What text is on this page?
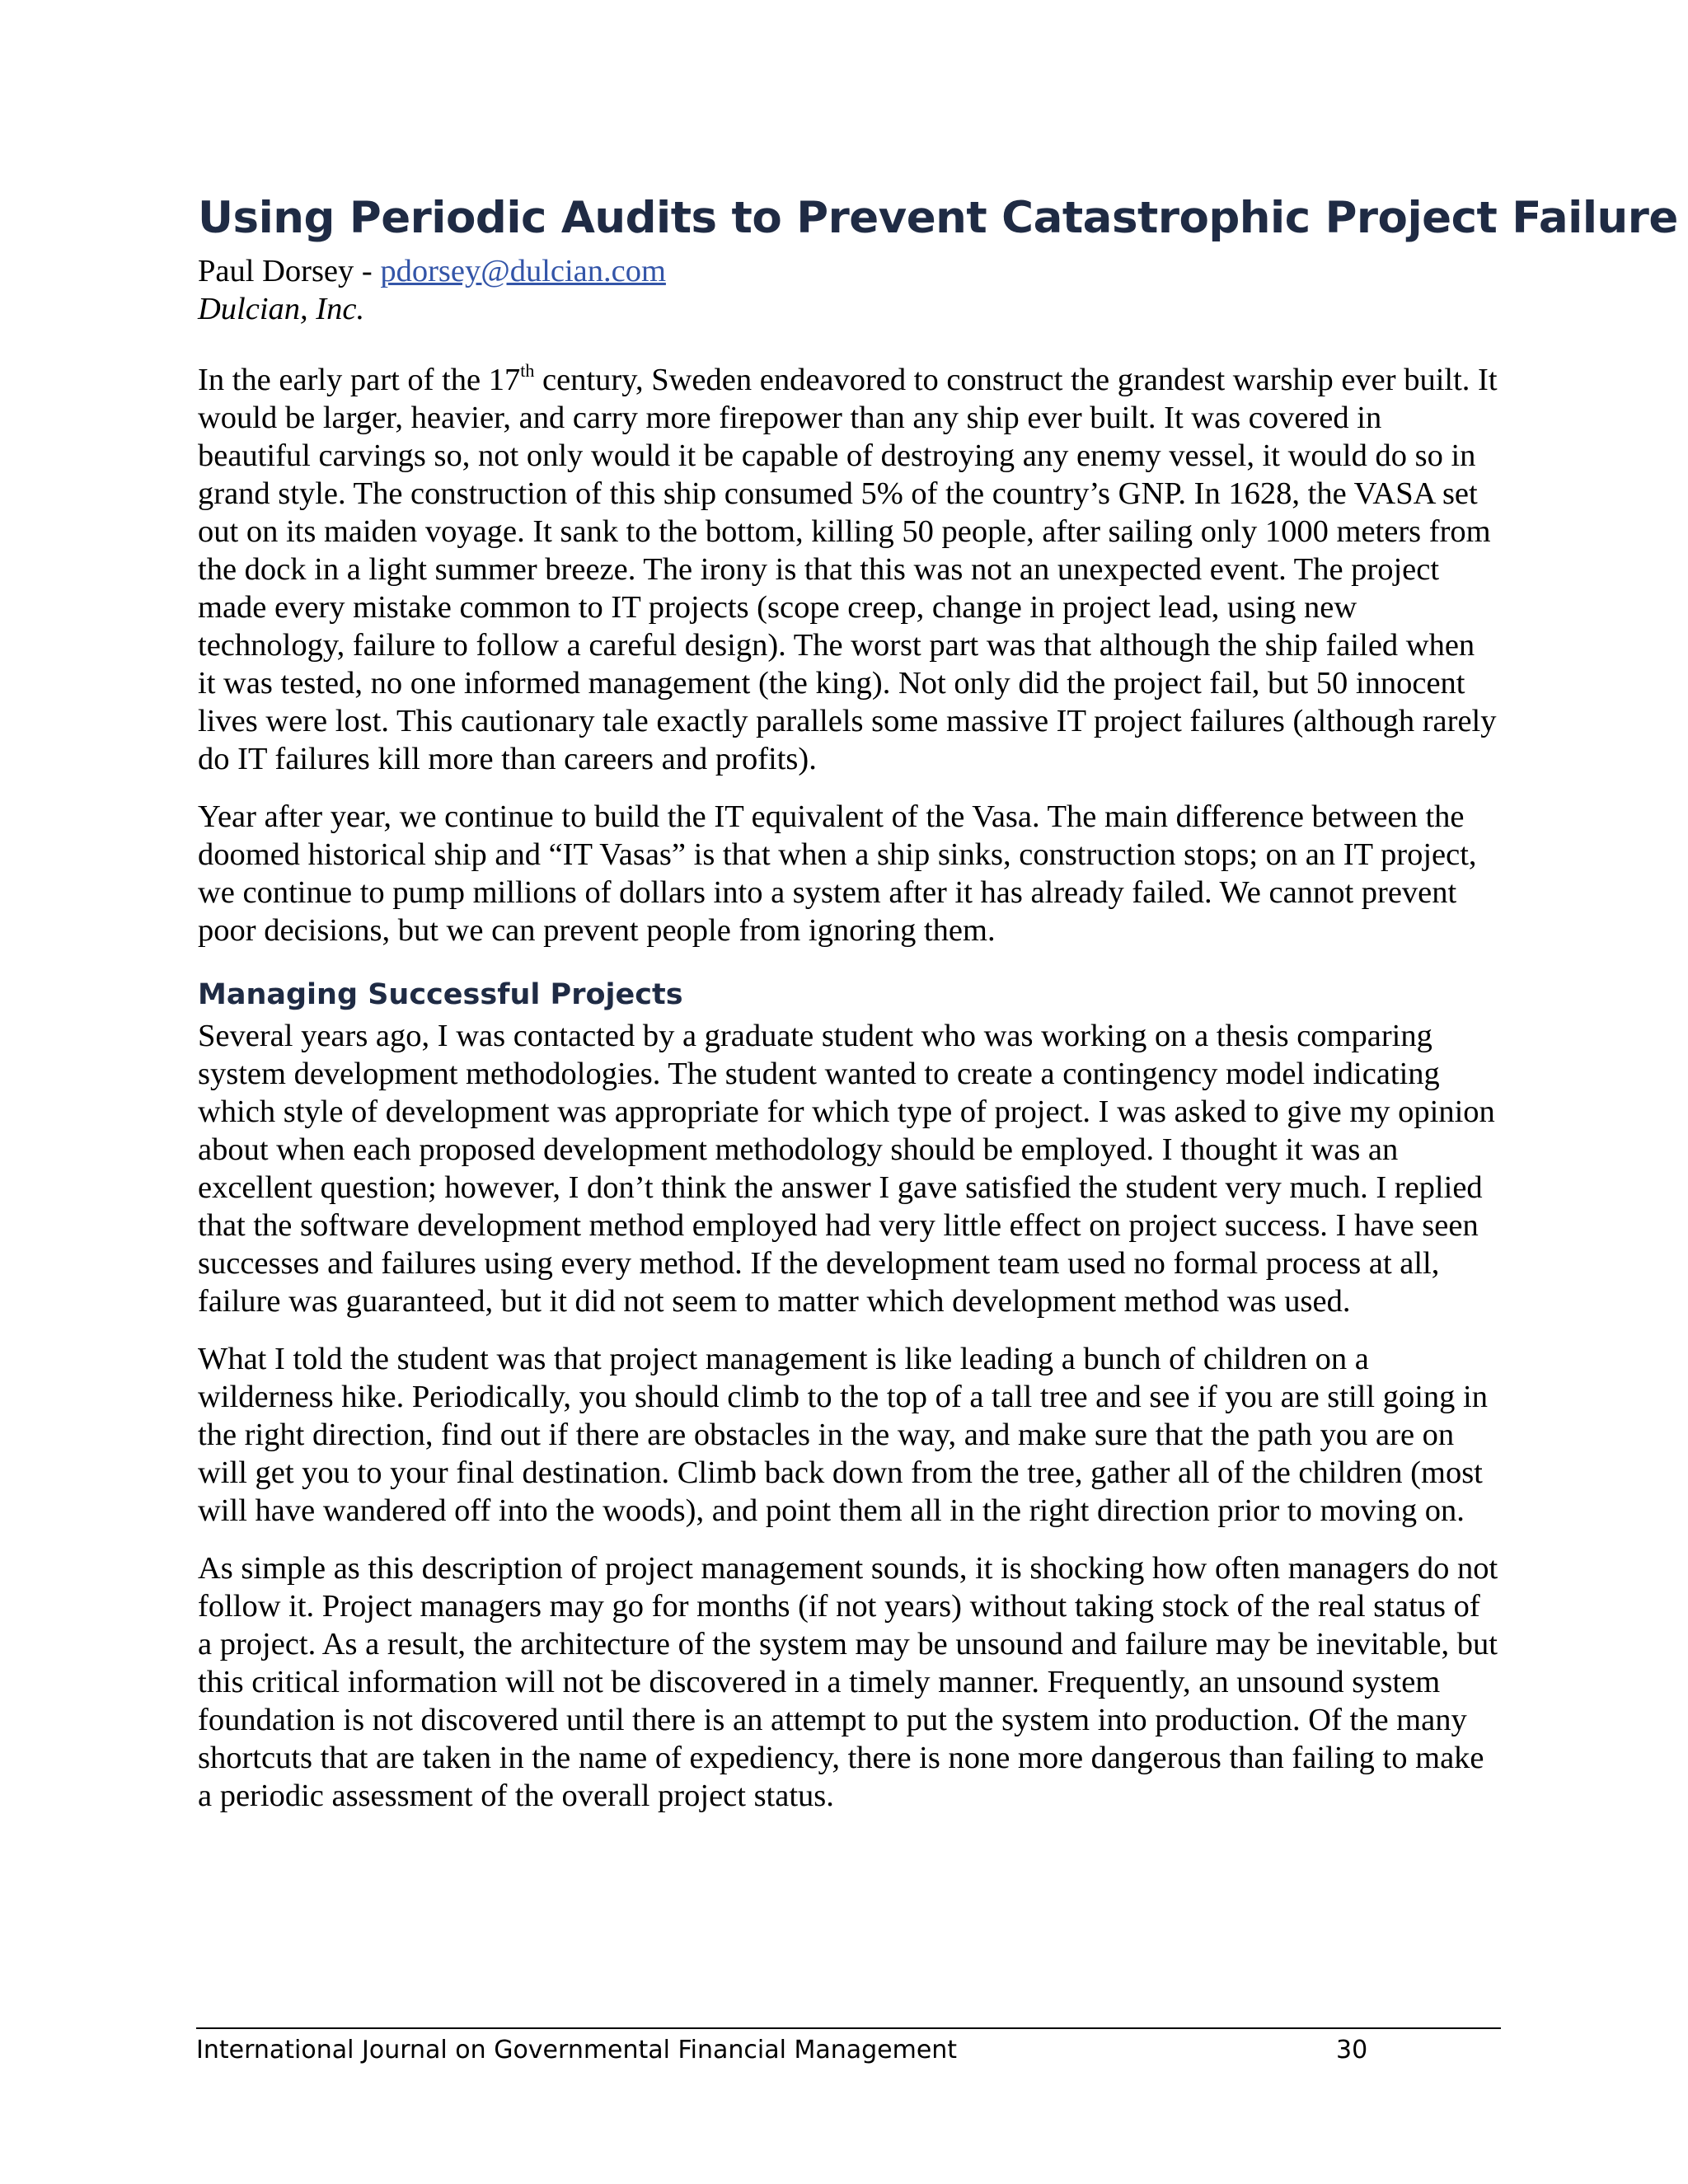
Using Periodic Audits to Prevent Catastrophic Project Failure

Paul Dorsey - pdorsey@dulcian.com

Dulcian, Inc.

In the early part of the 17th century, Sweden endeavored to construct the grandest warship ever built. It would be larger, heavier, and carry more firepower than any ship ever built. It was covered in beautiful carvings so, not only would it be capable of destroying any enemy vessel, it would do so in grand style. The construction of this ship consumed 5% of the country’s GNP. In 1628, the VASA set out on its maiden voyage. It sank to the bottom, killing 50 people, after sailing only 1000 meters from the dock in a light summer breeze. The irony is that this was not an unexpected event. The project made every mistake common to IT projects (scope creep, change in project lead, using new technology, failure to follow a careful design). The worst part was that although the ship failed when it was tested, no one informed management (the king). Not only did the project fail, but 50 innocent lives were lost. This cautionary tale exactly parallels some massive IT project failures (although rarely do IT failures kill more than careers and profits).

Year after year, we continue to build the IT equivalent of the Vasa. The main difference between the doomed historical ship and “IT Vasas” is that when a ship sinks, construction stops; on an IT project, we continue to pump millions of dollars into a system after it has already failed. We cannot prevent poor decisions, but we can prevent people from ignoring them.

Managing Successful Projects

Several years ago, I was contacted by a graduate student who was working on a thesis comparing system development methodologies. The student wanted to create a contingency model indicating which style of development was appropriate for which type of project. I was asked to give my opinion about when each proposed development methodology should be employed. I thought it was an excellent question; however, I don’t think the answer I gave satisfied the student very much. I replied that the software development method employed had very little effect on project success. I have seen successes and failures using every method. If the development team used no formal process at all, failure was guaranteed, but it did not seem to matter which development method was used.

What I told the student was that project management is like leading a bunch of children on a wilderness hike. Periodically, you should climb to the top of a tall tree and see if you are still going in the right direction, find out if there are obstacles in the way, and make sure that the path you are on will get you to your final destination. Climb back down from the tree, gather all of the children (most will have wandered off into the woods), and point them all in the right direction prior to moving on.

As simple as this description of project management sounds, it is shocking how often managers do not follow it. Project managers may go for months (if not years) without taking stock of the real status of a project. As a result, the architecture of the system may be unsound and failure may be inevitable, but this critical information will not be discovered in a timely manner. Frequently, an unsound system foundation is not discovered until there is an attempt to put the system into production. Of the many shortcuts that are taken in the name of expediency, there is none more dangerous than failing to make a periodic assessment of the overall project status.

International Journal on Governmental Financial Management	30
